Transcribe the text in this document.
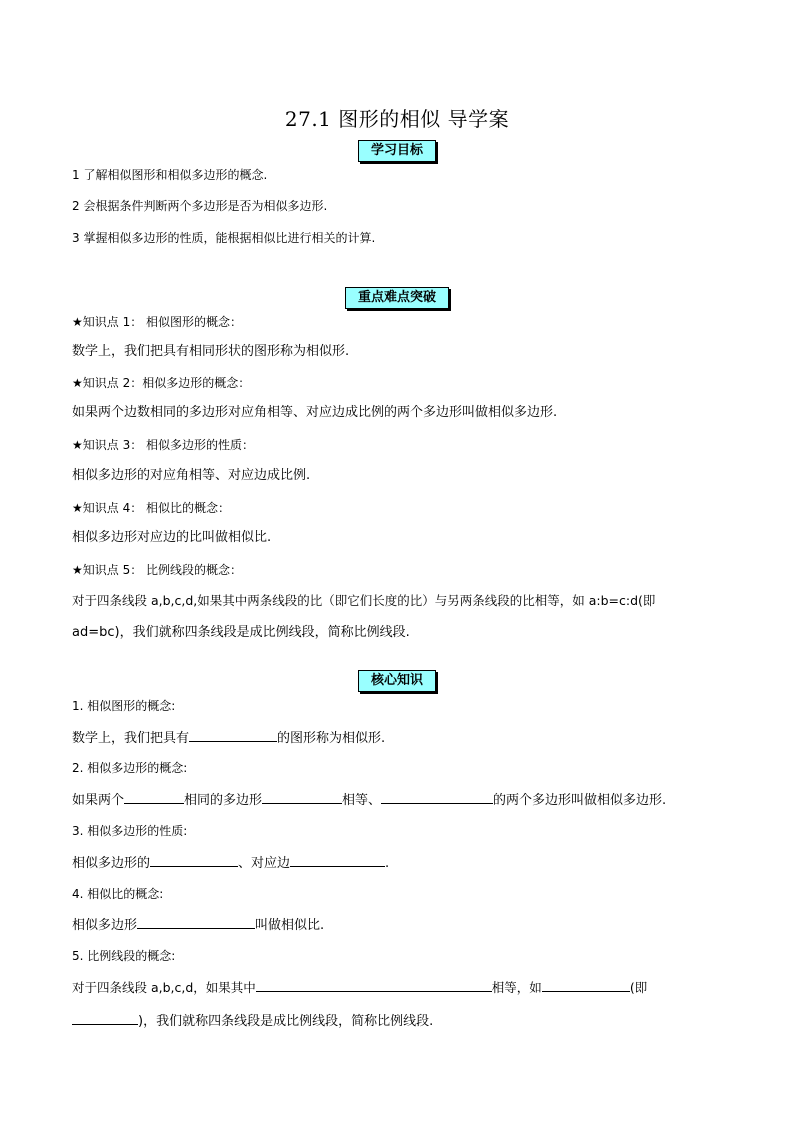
27.1 图形的相似 导学案
学习目标
1 了解相似图形和相似多边形的概念.
2 会根据条件判断两个多边形是否为相似多边形.
3 掌握相似多边形的性质，能根据相似比进行相关的计算.
重点难点突破
★知识点 1： 相似图形的概念：
数学上，我们把具有相同形状的图形称为相似形.
★知识点 2：相似多边形的概念：
如果两个边数相同的多边形对应角相等、对应边成比例的两个多边形叫做相似多边形.
★知识点 3： 相似多边形的性质：
相似多边形的对应角相等、对应边成比例.
★知识点 4： 相似比的概念：
相似多边形对应边的比叫做相似比.
★知识点 5： 比例线段的概念：
对于四条线段 a,b,c,d,如果其中两条线段的比（即它们长度的比）与另两条线段的比相等，如 a:b=c:d(即
ad=bc)，我们就称四条线段是成比例线段，简称比例线段.
核心知识
1. 相似图形的概念:
数学上，我们把具有	的图形称为相似形.
2. 相似多边形的概念:
如果两个	相同的多边形	相等、	的两个多边形叫做相似多边形.
3. 相似多边形的性质:
相似多边形的	、对应边	.
4. 相似比的概念:
相似多边形	叫做相似比.
5. 比例线段的概念:
对于四条线段 a,b,c,d，如果其中	相等，如	(即
)，我们就称四条线段是成比例线段，简称比例线段.
